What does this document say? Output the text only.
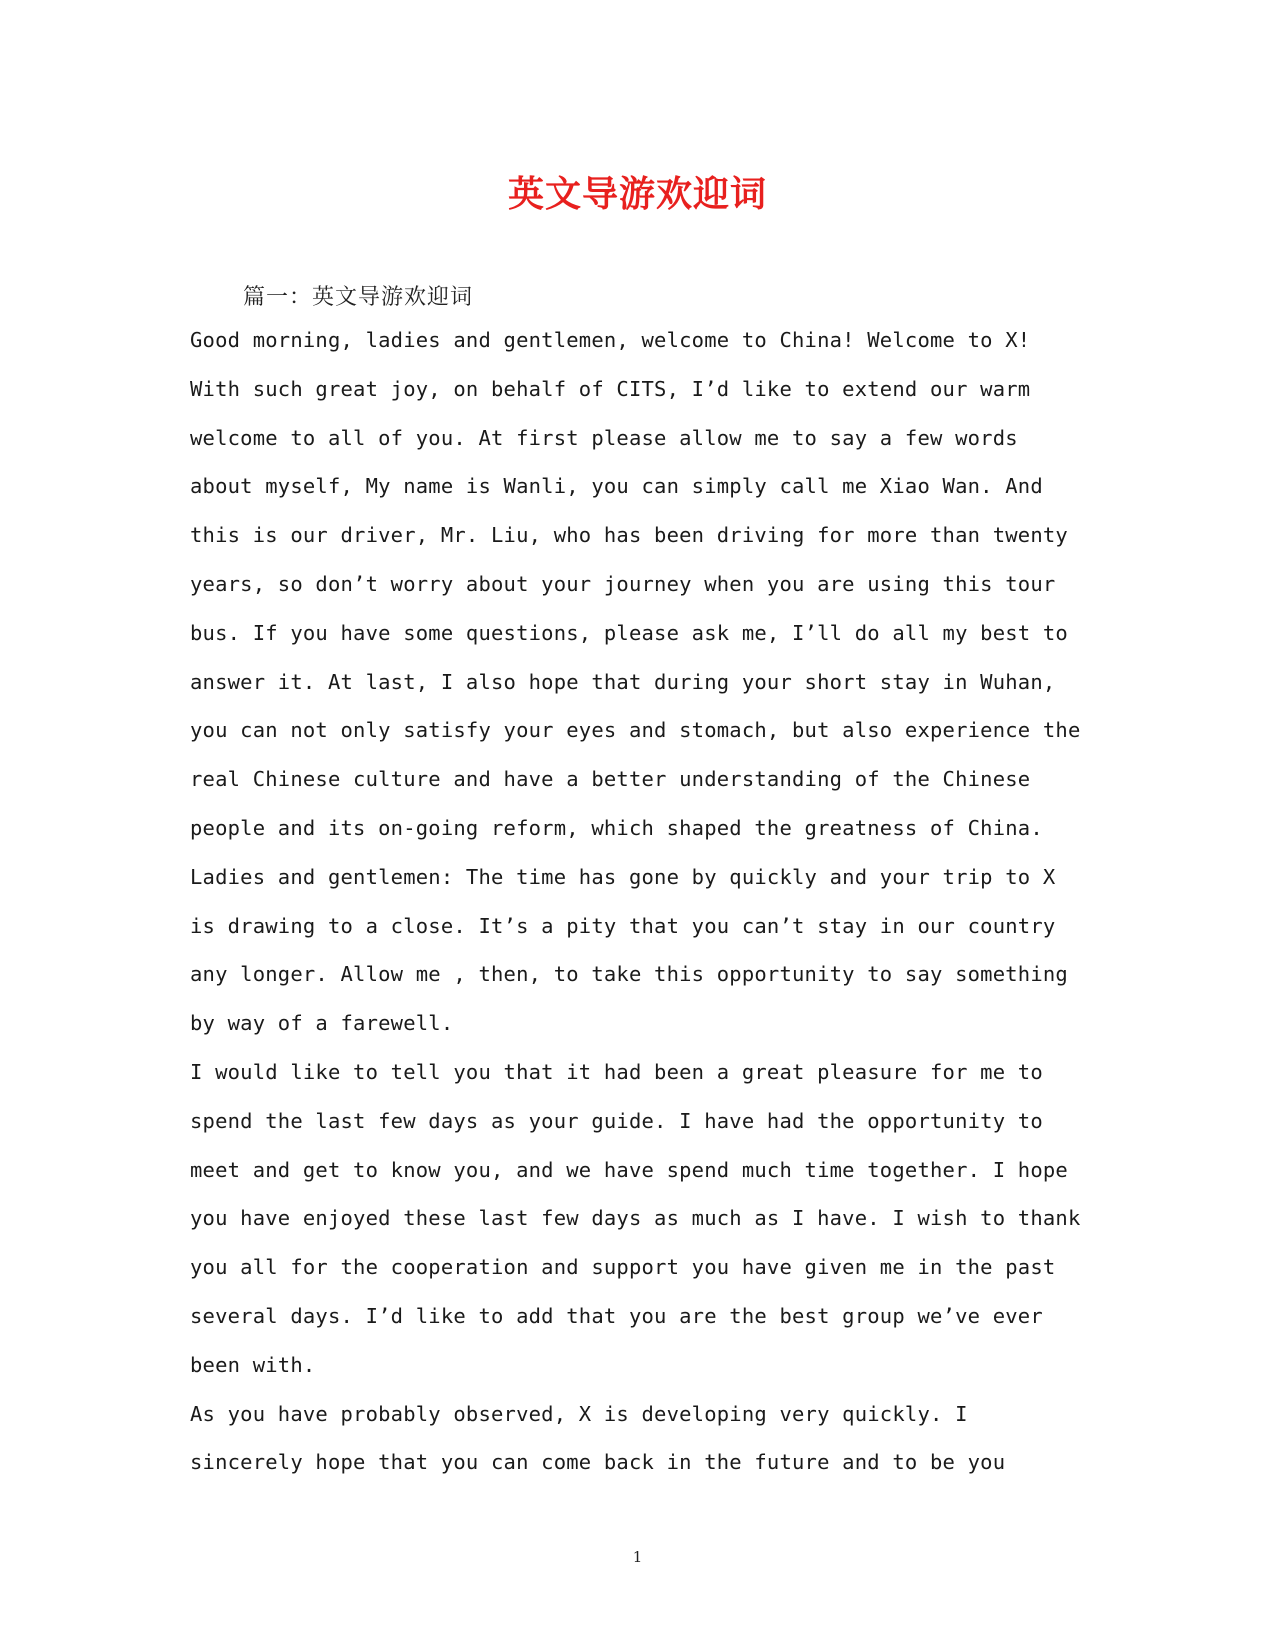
英文导游欢迎词
篇一：英文导游欢迎词
Good morning, ladies and gentlemen, welcome to China! Welcome to X!
With such great joy, on behalf of CITS, I’d like to extend our warm
welcome to all of you. At first please allow me to say a few words
about myself, My name is Wanli, you can simply call me Xiao Wan. And
this is our driver, Mr. Liu, who has been driving for more than twenty
years, so don’t worry about your journey when you are using this tour
bus. If you have some questions, please ask me, I’ll do all my best to
answer it. At last, I also hope that during your short stay in Wuhan,
you can not only satisfy your eyes and stomach, but also experience the
real Chinese culture and have a better understanding of the Chinese
people and its on-going reform, which shaped the greatness of China.
Ladies and gentlemen: The time has gone by quickly and your trip to X
is drawing to a close. It’s a pity that you can’t stay in our country
any longer. Allow me , then, to take this opportunity to say something
by way of a farewell.
I would like to tell you that it had been a great pleasure for me to
spend the last few days as your guide. I have had the opportunity to
meet and get to know you, and we have spend much time together. I hope
you have enjoyed these last few days as much as I have. I wish to thank
you all for the cooperation and support you have given me in the past
several days. I’d like to add that you are the best group we’ve ever
been with.
As you have probably observed, X is developing very quickly. I
sincerely hope that you can come back in the future and to be you
1
